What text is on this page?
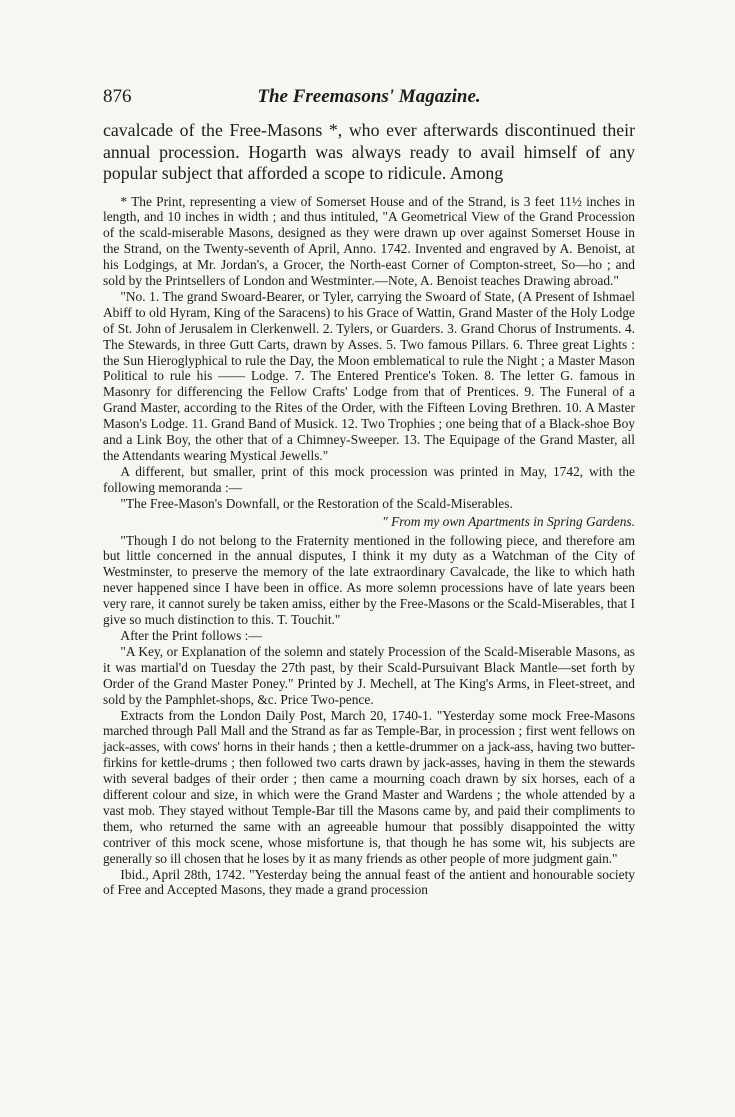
876	The Freemasons' Magazine.

cavalcade of the Free-Masons *, who ever afterwards discontinued their annual procession. Hogarth was always ready to avail himself of any popular subject that afforded a scope to ridicule. Among

* The Print, representing a view of Somerset House and of the Strand, is 3 feet 11½ inches in length, and 10 inches in width ; and thus intituled, "A Geometrical View of the Grand Procession of the scald-miserable Masons, designed as they were drawn up over against Somerset House in the Strand, on the Twenty-seventh of April, Anno. 1742. Invented and engraved by A. Benoist, at his Lodgings, at Mr. Jordan's, a Grocer, the North-east Corner of Compton-street, So—ho ; and sold by the Printsellers of London and Westminter.—Note, A. Benoist teaches Drawing abroad."

"No. 1. The grand Swoard-Bearer, or Tyler, carrying the Swoard of State, (A Present of Ishmael Abiff to old Hyram, King of the Saracens) to his Grace of Wattin, Grand Master of the Holy Lodge of St. John of Jerusalem in Clerkenwell. 2. Tylers, or Guarders. 3. Grand Chorus of Instruments. 4. The Stewards, in three Gutt Carts, drawn by Asses. 5. Two famous Pillars. 6. Three great Lights : the Sun Hieroglyphical to rule the Day, the Moon emblematical to rule the Night ; a Master Mason Political to rule his —— Lodge. 7. The Entered Prentice's Token. 8. The letter G. famous in Masonry for differencing the Fellow Crafts' Lodge from that of Prentices. 9. The Funeral of a Grand Master, according to the Rites of the Order, with the Fifteen Loving Brethren. 10. A Master Mason's Lodge. 11. Grand Band of Musick. 12. Two Trophies ; one being that of a Black-shoe Boy and a Link Boy, the other that of a Chimney-Sweeper. 13. The Equipage of the Grand Master, all the Attendants wearing Mystical Jewells."

A different, but smaller, print of this mock procession was printed in May, 1742, with the following memoranda :—

"The Free-Mason's Downfall, or the Restoration of the Scald-Miserables.

" From my own Apartments in Spring Gardens.

"Though I do not belong to the Fraternity mentioned in the following piece, and therefore am but little concerned in the annual disputes, I think it my duty as a Watchman of the City of Westminster, to preserve the memory of the late extraordinary Cavalcade, the like to which hath never happened since I have been in office. As more solemn processions have of late years been very rare, it cannot surely be taken amiss, either by the Free-Masons or the Scald-Miserables, that I give so much distinction to this. T. Touchit."

After the Print follows :—

"A Key, or Explanation of the solemn and stately Procession of the Scald-Miserable Masons, as it was martial'd on Tuesday the 27th past, by their Scald-Pursuivant Black Mantle—set forth by Order of the Grand Master Poney." Printed by J. Mechell, at The King's Arms, in Fleet-street, and sold by the Pamphlet-shops, &c. Price Two-pence.

Extracts from the London Daily Post, March 20, 1740-1. "Yesterday some mock Free-Masons marched through Pall Mall and the Strand as far as Temple-Bar, in procession ; first went fellows on jack-asses, with cows' horns in their hands ; then a kettle-drummer on a jack-ass, having two butter-firkins for kettle-drums ; then followed two carts drawn by jack-asses, having in them the stewards with several badges of their order ; then came a mourning coach drawn by six horses, each of a different colour and size, in which were the Grand Master and Wardens ; the whole attended by a vast mob. They stayed without Temple-Bar till the Masons came by, and paid their compliments to them, who returned the same with an agreeable humour that possibly disappointed the witty contriver of this mock scene, whose misfortune is, that though he has some wit, his subjects are generally so ill chosen that he loses by it as many friends as other people of more judgment gain."

Ibid., April 28th, 1742. "Yesterday being the annual feast of the antient and honourable society of Free and Accepted Masons, they made a grand procession
